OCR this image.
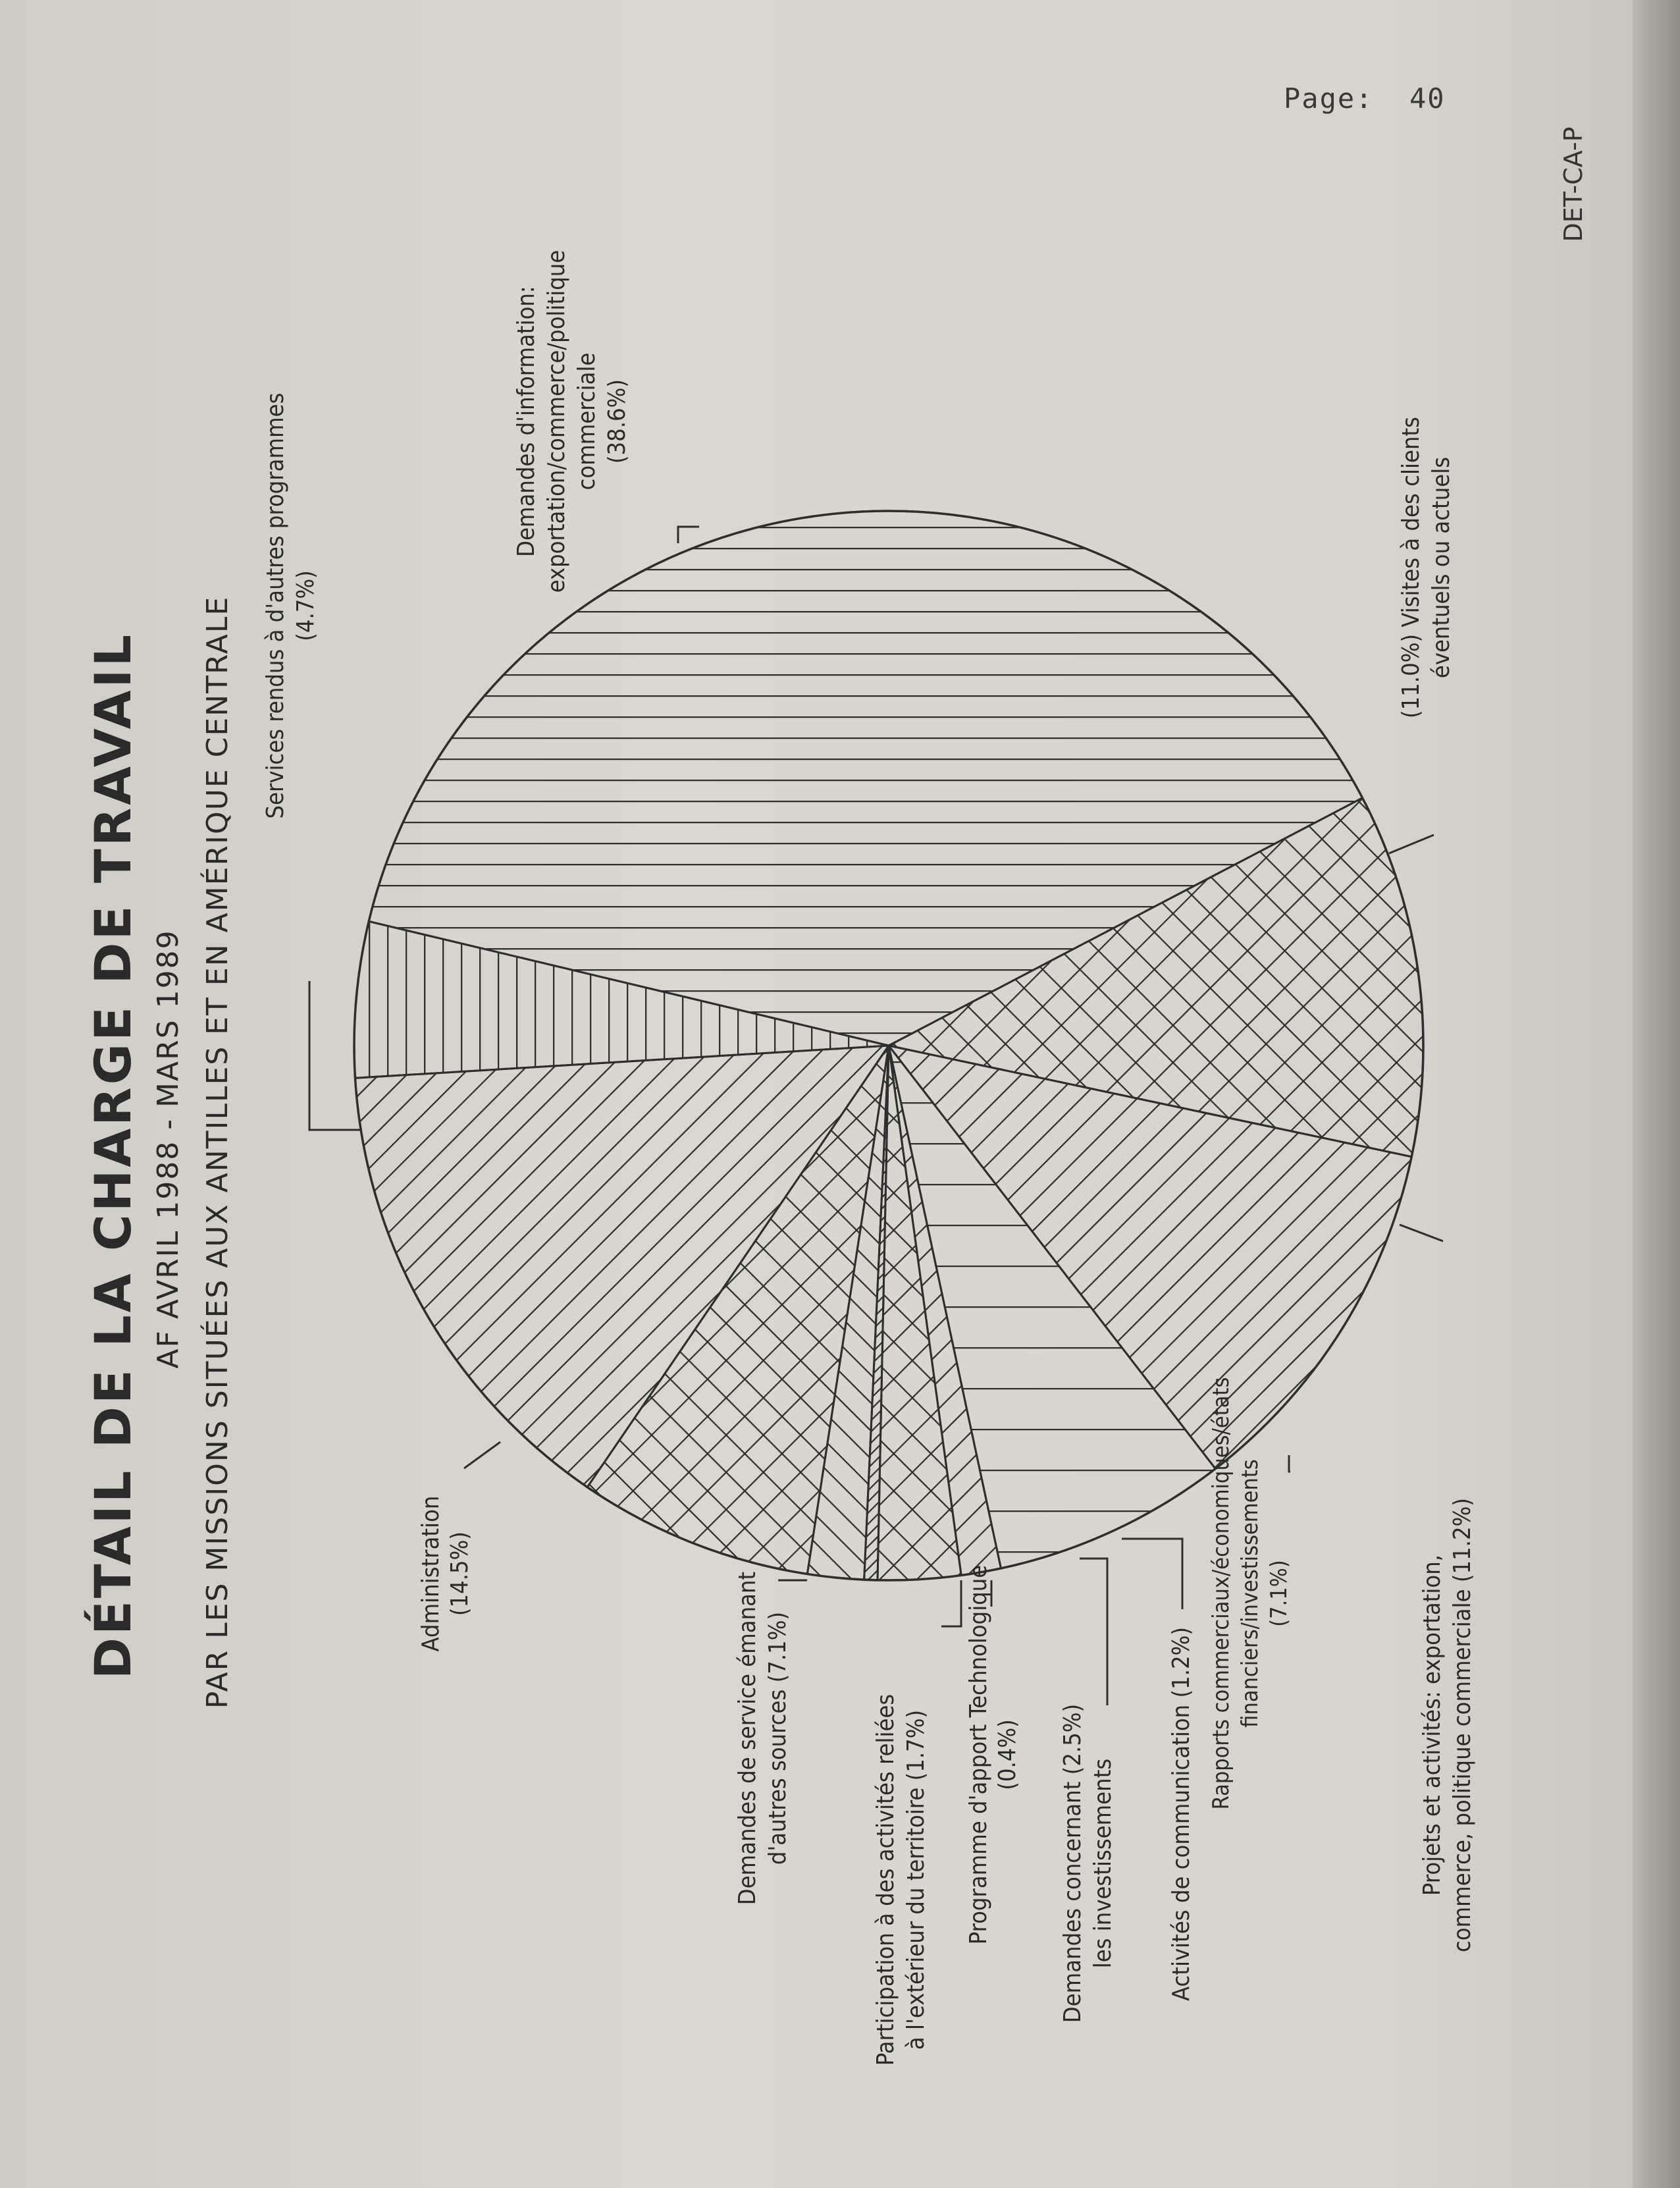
Page: 40
DET-CA-P
Demandes d'information: exportation/commerce/politique commerciale (38.6%)
(11.0%) Visites à des clients éventuels ou actuels
Projets et activités: exportation, commerce, politique commerciale (11.2%)
Rapports commerciaux/économiques/états financiers/investissements (7.1%)
Activités de communication (1.2%)
Demandes concernant (2.5%)
les investissements
Programme d'apport Technologique (0.4%)
Participation à des activités reliées à l'extérieur du territoire (1.7%)
Demandes de service émanant d'autres sources (7.1%)
Administration (14.5%)
Services rendus à d'autres programmes (4.7%)
DÉTAIL DE LA CHARGE DE TRAVAIL AF AVRIL 1988 - MARS 1989 PAR LES MISSIONS SITUÉES AUX ANTILLES ET EN AMÉRIQUE CENTRALE
